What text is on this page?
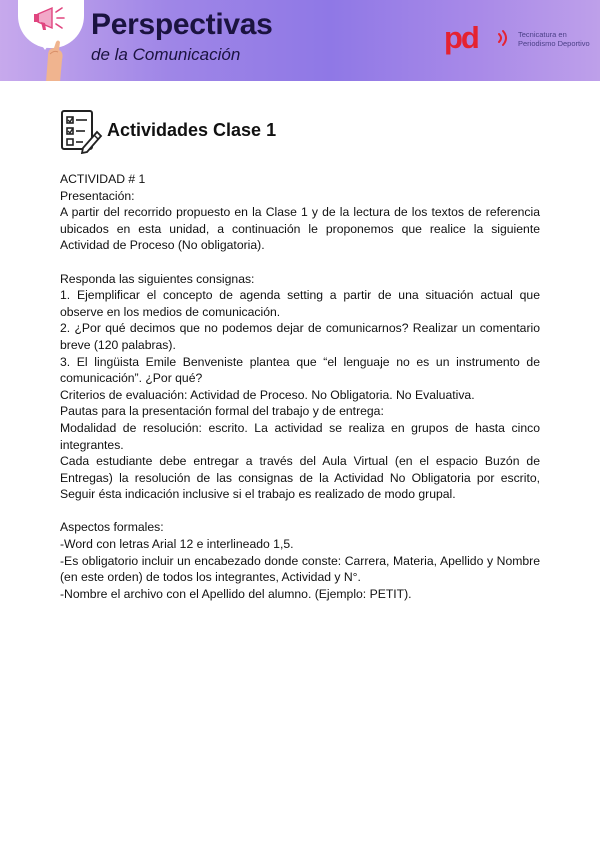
Perspectivas
de la Comunicación	pd	Tecnicatura en
Periodismo Deportivo
Actividades Clase 1

ACTIVIDAD # 1

Presentación:

A partir del recorrido propuesto en la Clase 1 y de la lectura de los textos de referencia ubicados en esta unidad, a continuación le proponemos que realice la siguiente Actividad de Proceso (No obligatoria).

Responda las siguientes consignas:

1. Ejemplificar el concepto de agenda setting a partir de una situación actual que observe en los medios de comunicación.

2. ¿Por qué decimos que no podemos dejar de comunicarnos? Realizar un comentario breve (120 palabras).

3. El lingüista Emile Benveniste plantea que “el lenguaje no es un instrumento de comunicación”. ¿Por qué?

Criterios de evaluación: Actividad de Proceso. No Obligatoria. No Evaluativa.

Pautas para la presentación formal del trabajo y de entrega:

Modalidad de resolución: escrito. La actividad se realiza en grupos de hasta cinco integrantes.

Cada estudiante debe entregar a través del Aula Virtual (en el espacio Buzón de Entregas) la resolución de las consignas de la Actividad No Obligatoria por escrito, Seguir ésta indicación inclusive si el trabajo es realizado de modo grupal.

Aspectos formales:

-Word con letras Arial 12 e interlineado 1,5.

-Es obligatorio incluir un encabezado donde conste: Carrera, Materia, Apellido y Nombre (en este orden) de todos los integrantes, Actividad y N°.

-Nombre el archivo con el Apellido del alumno. (Ejemplo: PETIT).
